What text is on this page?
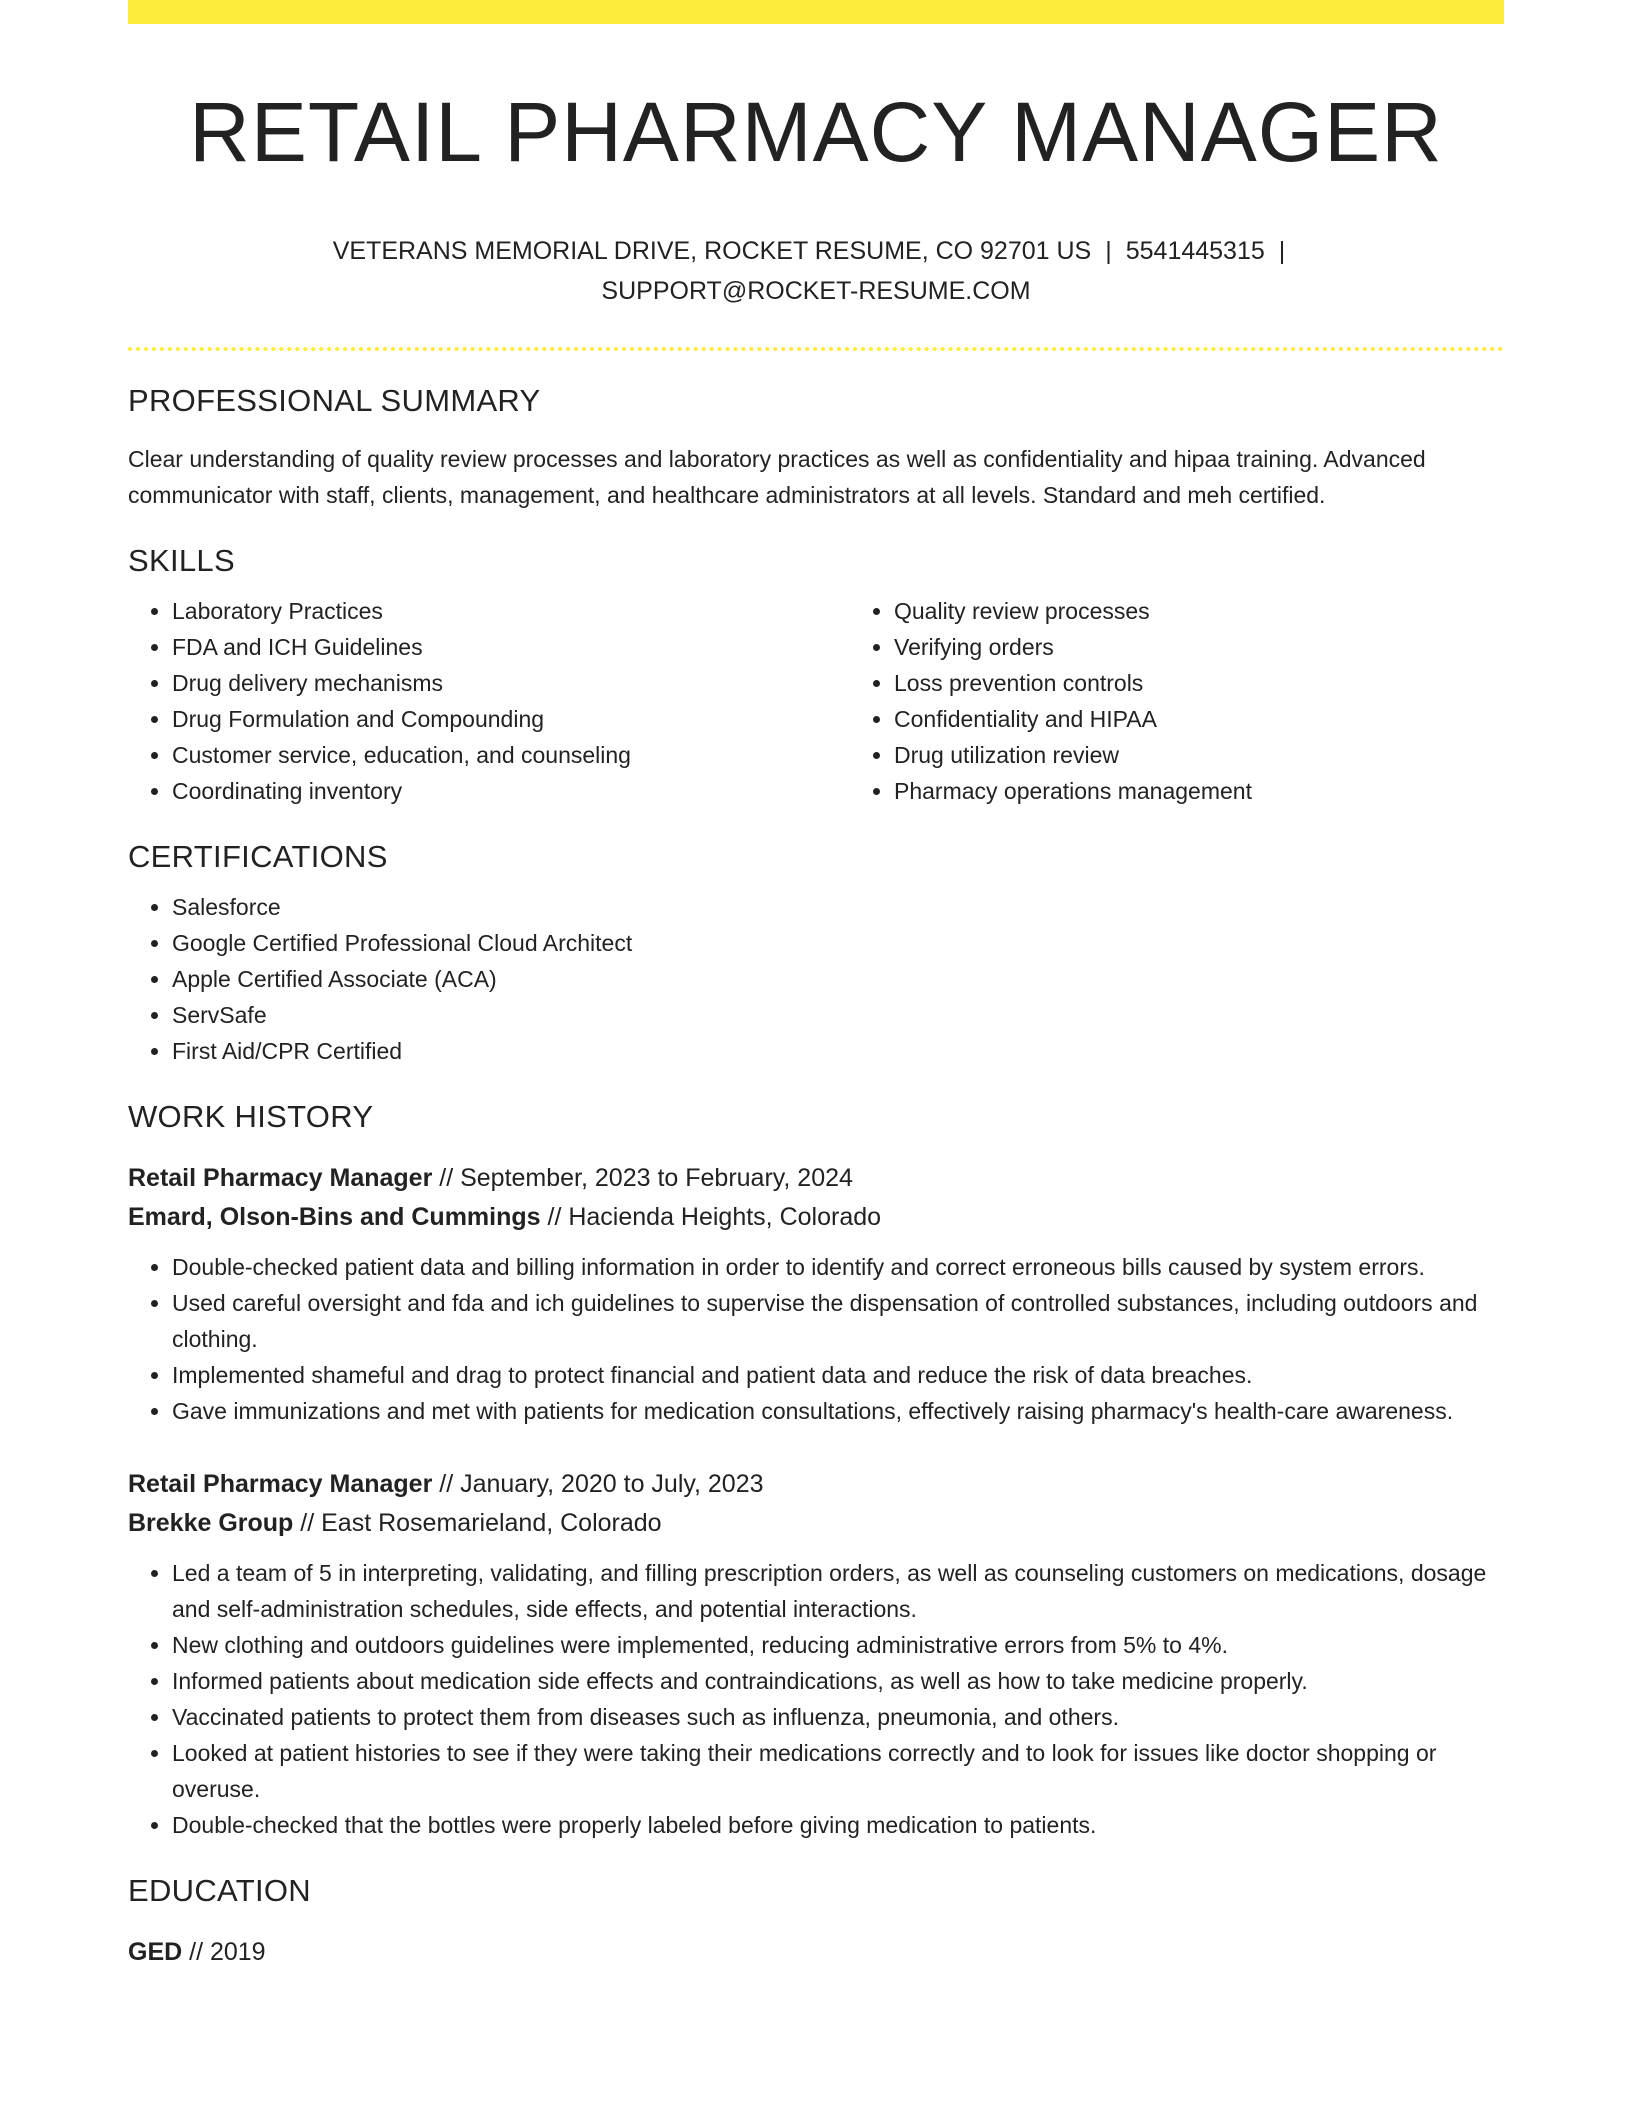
RETAIL PHARMACY MANAGER
VETERANS MEMORIAL DRIVE, ROCKET RESUME, CO 92701 US | 5541445315 |
SUPPORT@ROCKET-RESUME.COM
PROFESSIONAL SUMMARY
Clear understanding of quality review processes and laboratory practices as well as confidentiality and hipaa training. Advanced communicator with staff, clients, management, and healthcare administrators at all levels. Standard and meh certified.
SKILLS
• Laboratory Practices
• FDA and ICH Guidelines
• Drug delivery mechanisms
• Drug Formulation and Compounding
• Customer service, education, and counseling
• Coordinating inventory
• Quality review processes
• Verifying orders
• Loss prevention controls
• Confidentiality and HIPAA
• Drug utilization review
• Pharmacy operations management
CERTIFICATIONS
• Salesforce
• Google Certified Professional Cloud Architect
• Apple Certified Associate (ACA)
• ServSafe
• First Aid/CPR Certified
WORK HISTORY
Retail Pharmacy Manager // September, 2023 to February, 2024
Emard, Olson-Bins and Cummings // Hacienda Heights, Colorado
• Double-checked patient data and billing information in order to identify and correct erroneous bills caused by system errors.
• Used careful oversight and fda and ich guidelines to supervise the dispensation of controlled substances, including outdoors and clothing.
• Implemented shameful and drag to protect financial and patient data and reduce the risk of data breaches.
• Gave immunizations and met with patients for medication consultations, effectively raising pharmacy's health-care awareness.
Retail Pharmacy Manager // January, 2020 to July, 2023
Brekke Group // East Rosemarieland, Colorado
• Led a team of 5 in interpreting, validating, and filling prescription orders, as well as counseling customers on medications, dosage and self-administration schedules, side effects, and potential interactions.
• New clothing and outdoors guidelines were implemented, reducing administrative errors from 5% to 4%.
• Informed patients about medication side effects and contraindications, as well as how to take medicine properly.
• Vaccinated patients to protect them from diseases such as influenza, pneumonia, and others.
• Looked at patient histories to see if they were taking their medications correctly and to look for issues like doctor shopping or overuse.
• Double-checked that the bottles were properly labeled before giving medication to patients.
EDUCATION
GED // 2019
